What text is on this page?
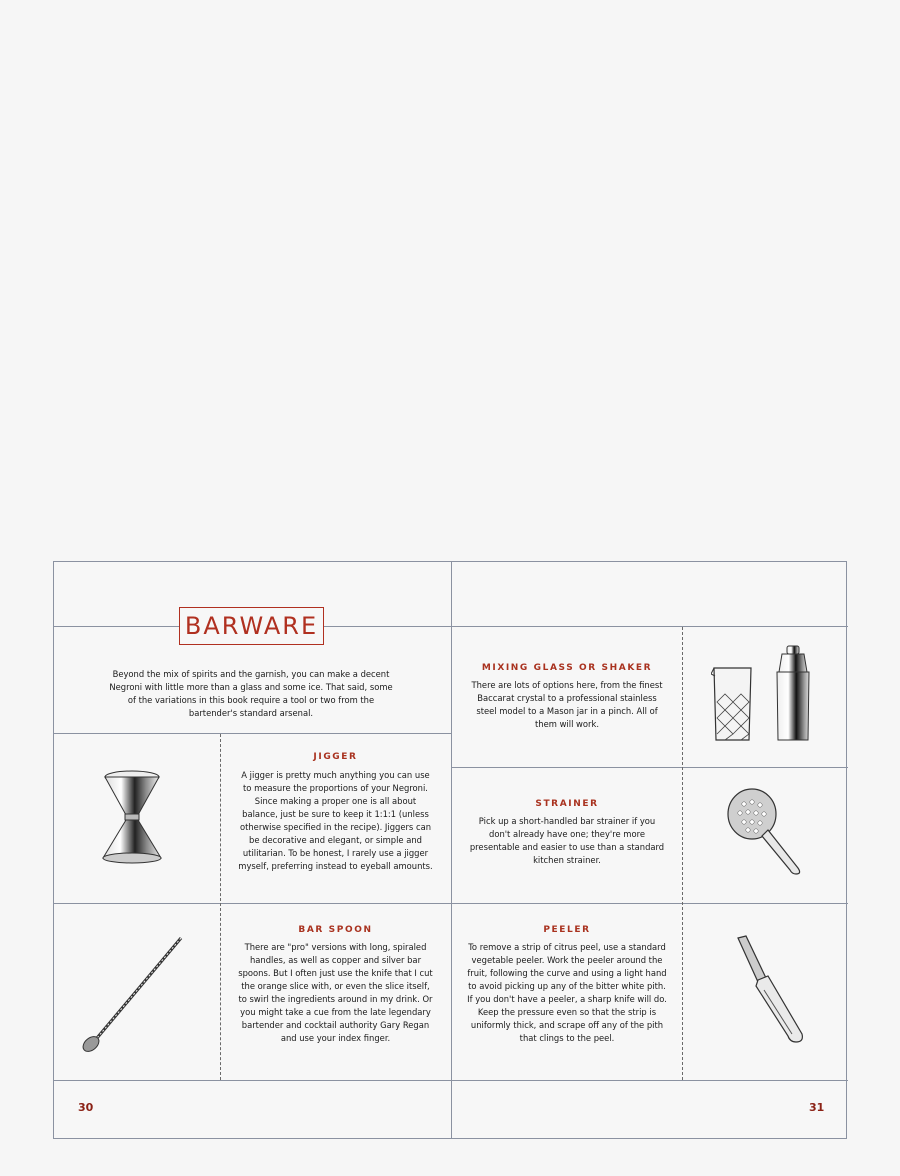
BARWARE
Beyond the mix of spirits and the garnish, you can make a decent Negroni with little more than a glass and some ice. That said, some of the variations in this book require a tool or two from the bartender's standard arsenal.
JIGGER
A jigger is pretty much anything you can use to measure the proportions of your Negroni. Since making a proper one is all about balance, just be sure to keep it 1:1:1 (unless otherwise specified in the recipe). Jiggers can be decorative and elegant, or simple and utilitarian. To be honest, I rarely use a jigger myself, preferring instead to eyeball amounts.
BAR SPOON
There are "pro" versions with long, spiraled handles, as well as copper and silver bar spoons. But I often just use the knife that I cut the orange slice with, or even the slice itself, to swirl the ingredients around in my drink. Or you might take a cue from the late legendary bartender and cocktail authority Gary Regan and use your index finger.
MIXING GLASS OR SHAKER
There are lots of options here, from the finest Baccarat crystal to a professional stainless steel model to a Mason jar in a pinch. All of them will work.
STRAINER
Pick up a short-handled bar strainer if you don't already have one; they're more presentable and easier to use than a standard kitchen strainer.
PEELER
To remove a strip of citrus peel, use a standard vegetable peeler. Work the peeler around the fruit, following the curve and using a light hand to avoid picking up any of the bitter white pith. If you don't have a peeler, a sharp knife will do. Keep the pressure even so that the strip is uniformly thick, and scrape off any of the pith that clings to the peel.
30	31
